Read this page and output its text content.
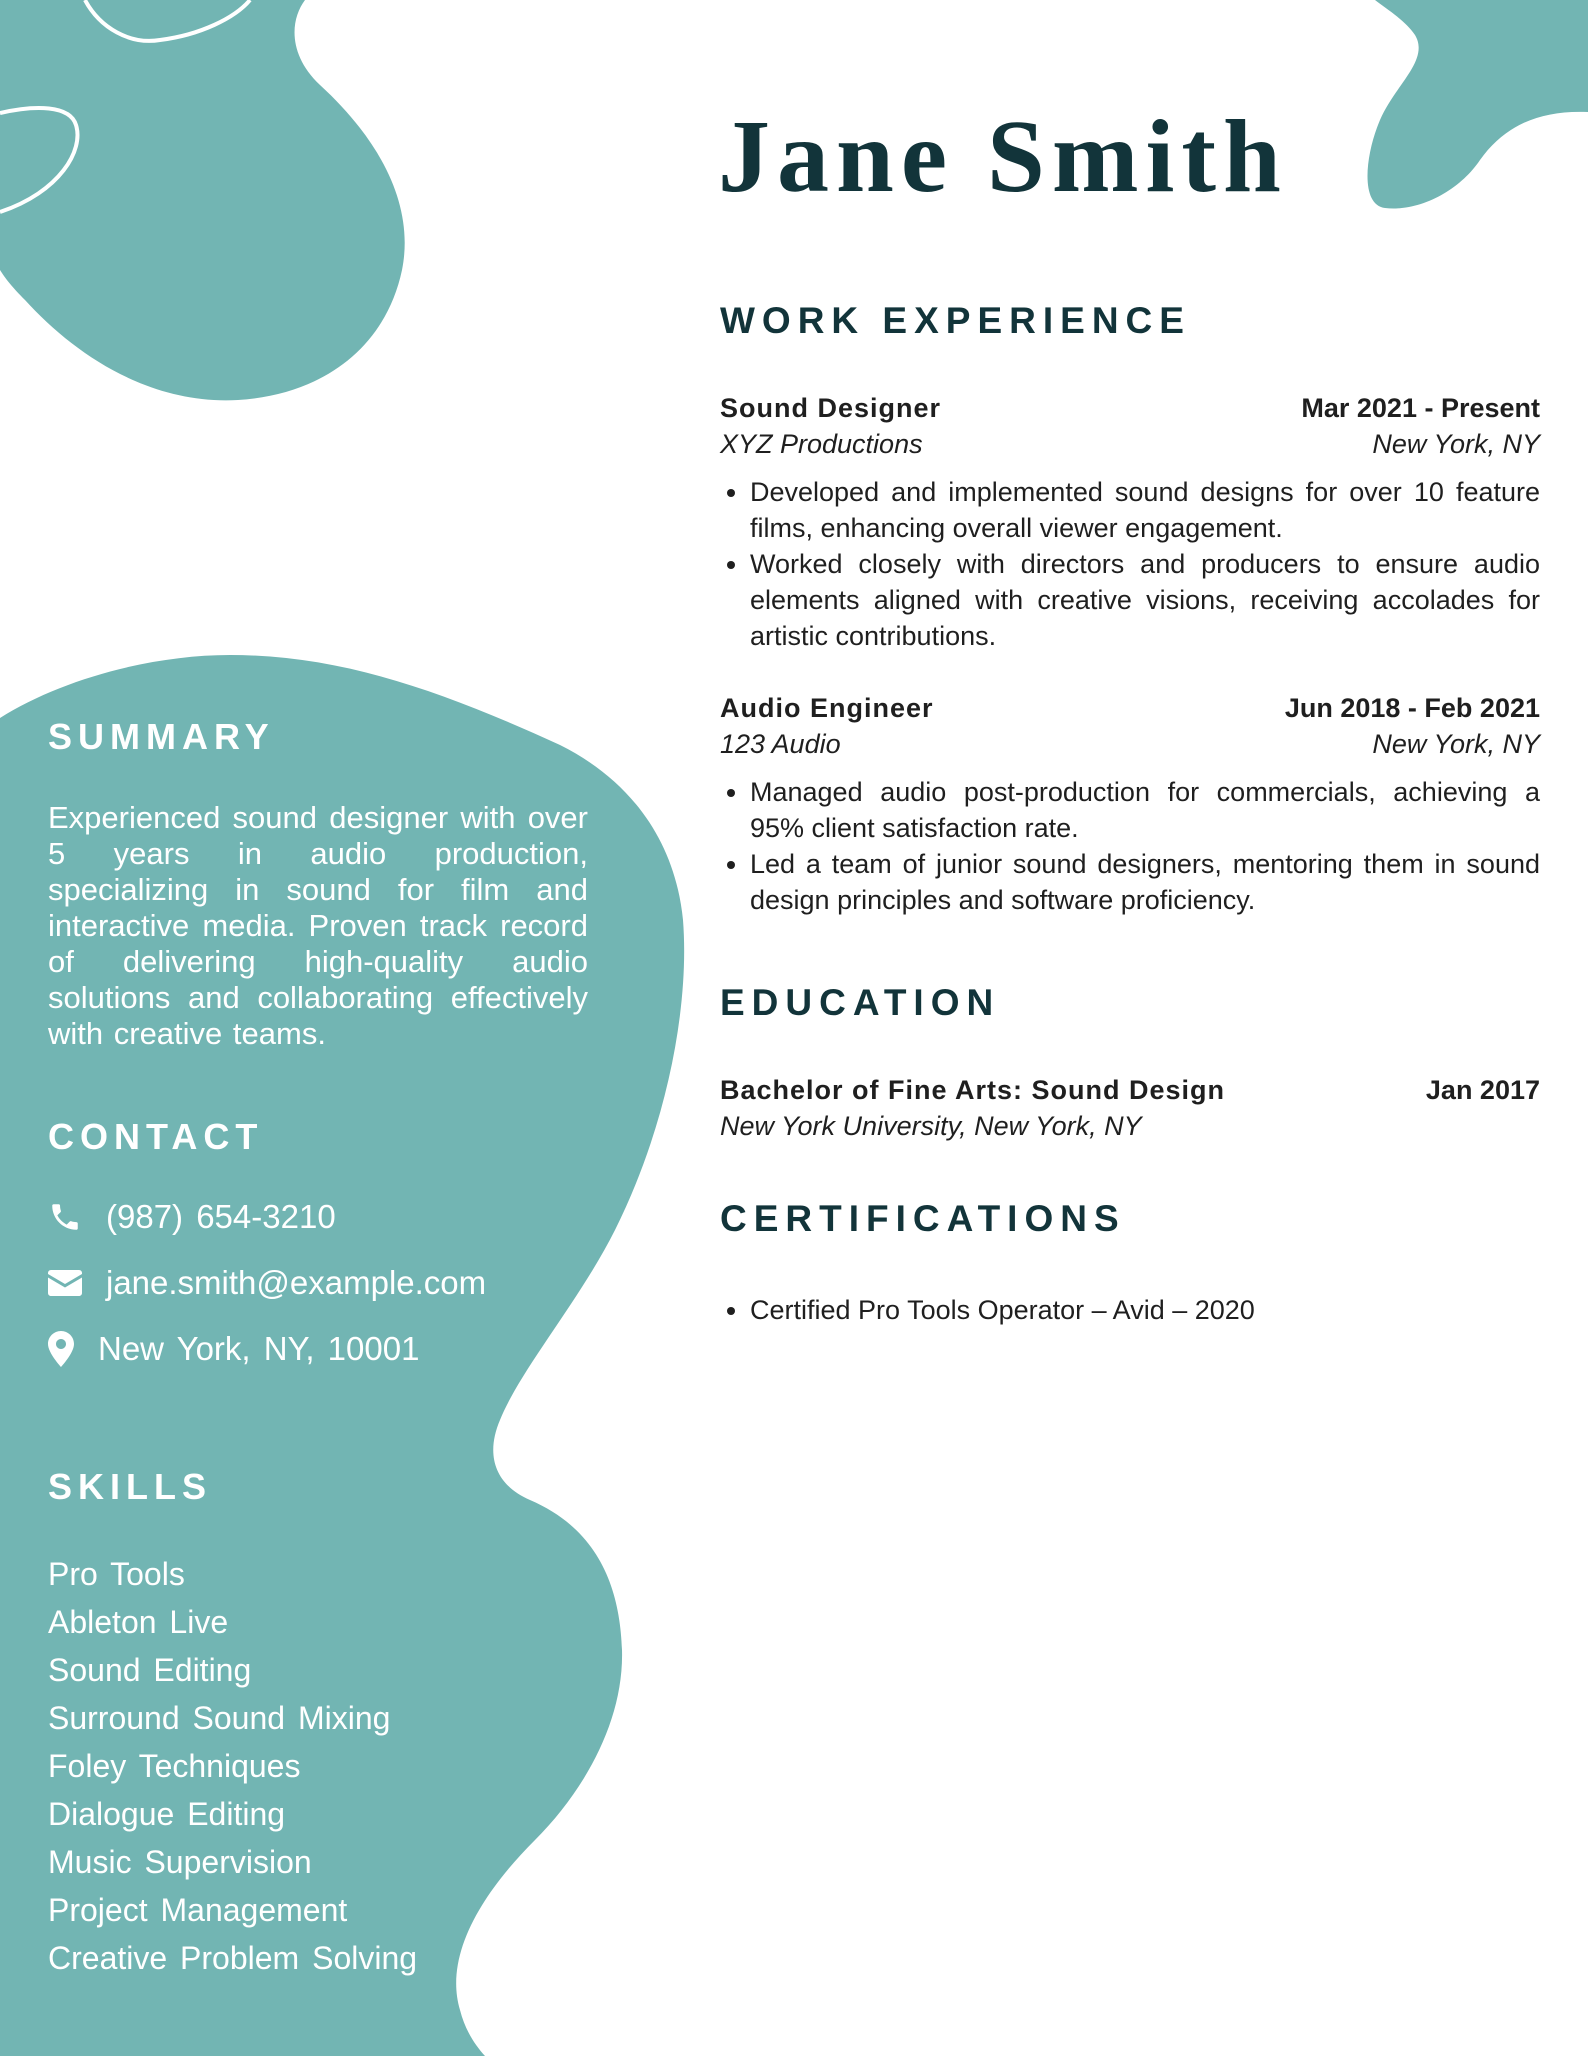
Jane Smith
SUMMARY

Experienced sound designer with over 5 years in audio production, specializing in sound for film and interactive media. Proven track record of delivering high-quality audio solutions and collaborating effectively with creative teams.

CONTACT
(987) 654-3210
jane.smith@example.com
New York, NY, 10001
SKILLS
Pro Tools
Ableton Live
Sound Editing
Surround Sound Mixing
Foley Techniques
Dialogue Editing
Music Supervision
Project Management
Creative Problem Solving
WORK EXPERIENCE
Sound Designer	Mar 2021 - Present
XYZ Productions	New York, NY
• Developed and implemented sound designs for over 10 feature films, enhancing overall viewer engagement.
• Worked closely with directors and producers to ensure audio elements aligned with creative visions, receiving accolades for artistic contributions.
Audio Engineer	Jun 2018 - Feb 2021
123 Audio	New York, NY
• Managed audio post-production for commercials, achieving a 95% client satisfaction rate.
• Led a team of junior sound designers, mentoring them in sound design principles and software proficiency.
EDUCATION
Bachelor of Fine Arts: Sound Design	Jan 2017
New York University, New York, NY
CERTIFICATIONS
• Certified Pro Tools Operator – Avid – 2020
